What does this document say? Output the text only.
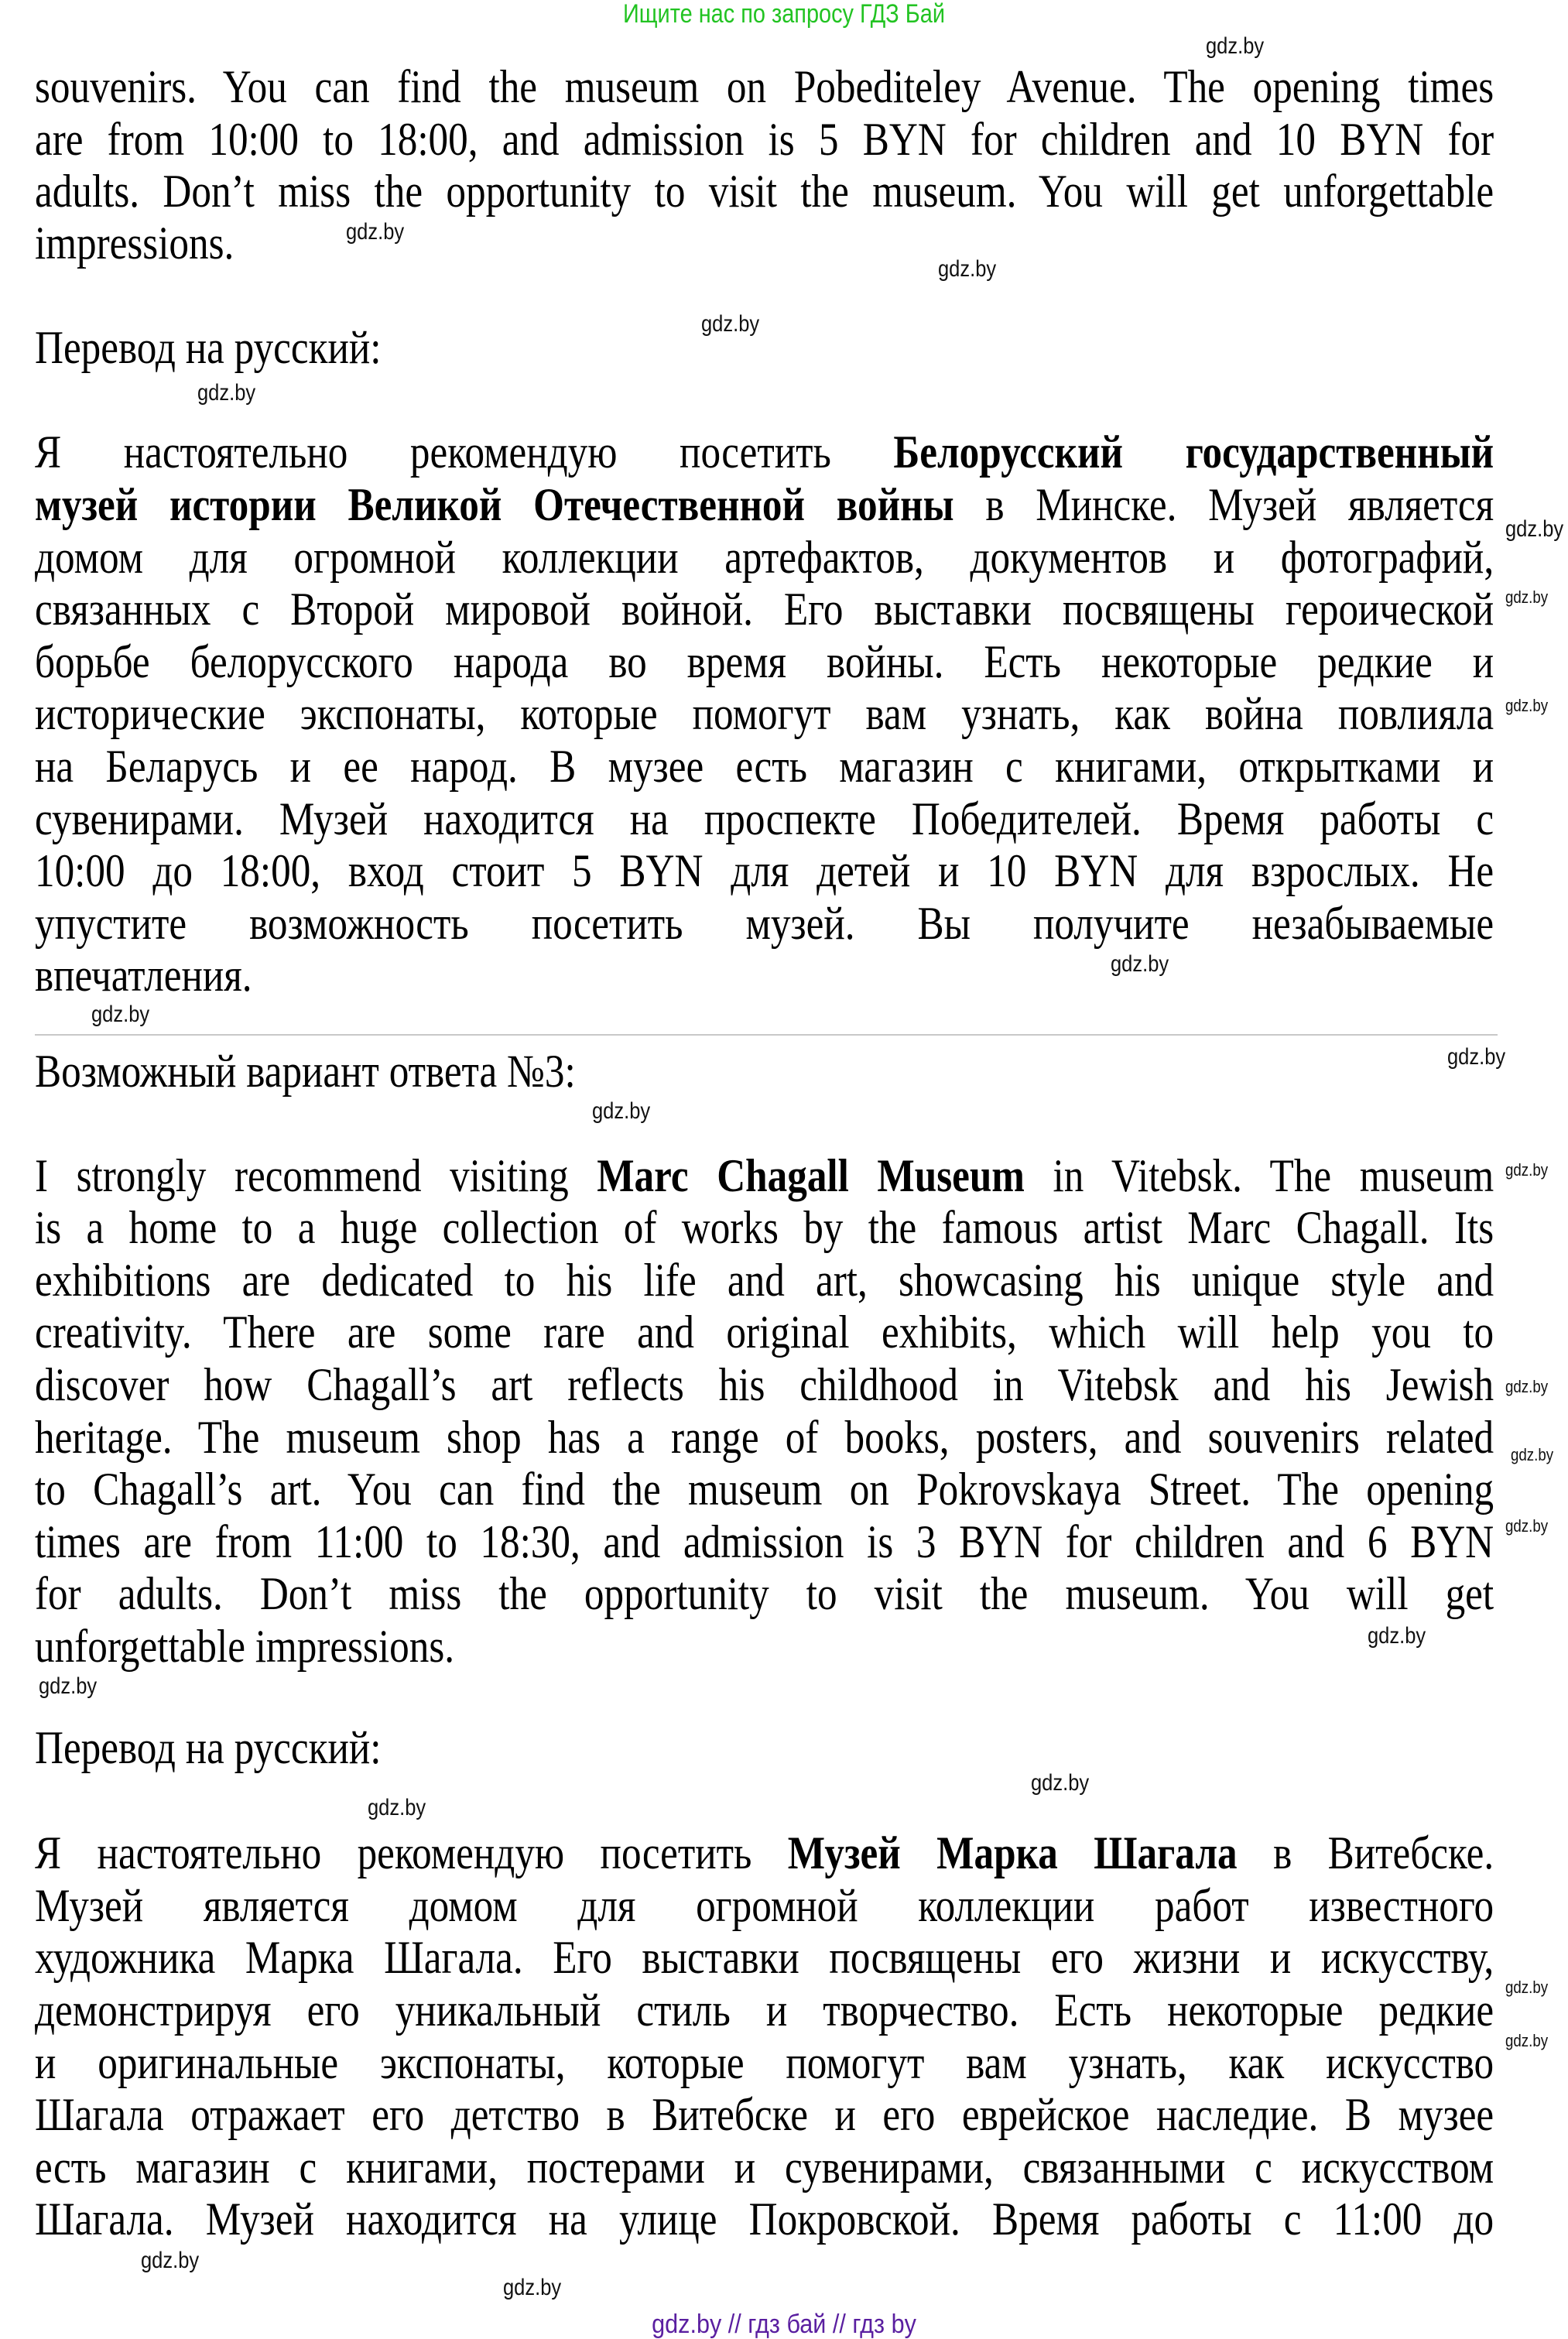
Ищите нас по запросу ГДЗ Бай
souvenirs. You can find the museum on Pobediteley Avenue. The opening times
are from 10:00 to 18:00, and admission is 5 BYN for children and 10 BYN for
adults. Don’t miss the opportunity to visit the museum. You will get unforgettable
impressions.
Перевод на русский:
Я настоятельно рекомендую посетить Белорусский государственный
музей истории Великой Отечественной войны в Минске. Музей является
домом для огромной коллекции артефактов, документов и фотографий,
связанных с Второй мировой войной. Его выставки посвящены героической
борьбе белорусского народа во время войны. Есть некоторые редкие и
исторические экспонаты, которые помогут вам узнать, как война повлияла
на Беларусь и ее народ. В музее есть магазин с книгами, открытками и
сувенирами. Музей находится на проспекте Победителей. Время работы с
10:00 до 18:00, вход стоит 5 BYN для детей и 10 BYN для взрослых. Не
упустите возможность посетить музей. Вы получите незабываемые
впечатления.
Возможный вариант ответа №3:
I strongly recommend visiting Marc Chagall Museum in Vitebsk. The museum
is a home to a huge collection of works by the famous artist Marc Chagall. Its
exhibitions are dedicated to his life and art, showcasing his unique style and
creativity. There are some rare and original exhibits, which will help you to
discover how Chagall’s art reflects his childhood in Vitebsk and his Jewish
heritage. The museum shop has a range of books, posters, and souvenirs related
to Chagall’s art. You can find the museum on Pokrovskaya Street. The opening
times are from 11:00 to 18:30, and admission is 3 BYN for children and 6 BYN
for adults. Don’t miss the opportunity to visit the museum. You will get
unforgettable impressions.
Перевод на русский:
Я настоятельно рекомендую посетить Музей Марка Шагала в Витебске.
Музей является домом для огромной коллекции работ известного
художника Марка Шагала. Его выставки посвящены его жизни и искусству,
демонстрируя его уникальный стиль и творчество. Есть некоторые редкие
и оригинальные экспонаты, которые помогут вам узнать, как искусство
Шагала отражает его детство в Витебске и его еврейское наследие. В музее
есть магазин с книгами, постерами и сувенирами, связанными с искусством
Шагала. Музей находится на улице Покровской. Время работы с 11:00 до
gdz.by
gdz.by
gdz.by
gdz.by
gdz.by
gdz.by
gdz.by
gdz.by
gdz.by
gdz.by
gdz.by
gdz.by
gdz.by
gdz.by
gdz.by
gdz.by
gdz.by
gdz.by
gdz.by
gdz.by
gdz.by
gdz.by
gdz.by
gdz.by
gdz.by // гдз бай // гдз by
